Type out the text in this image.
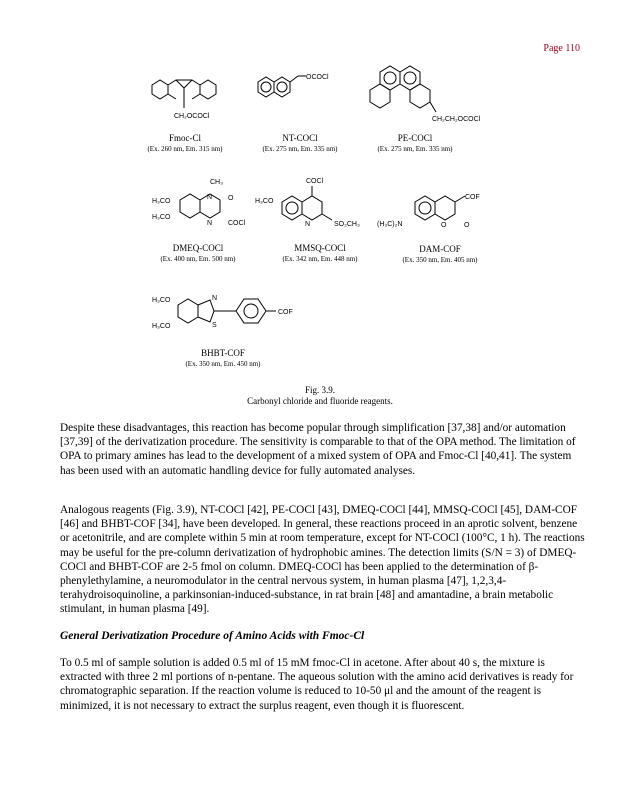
Page 110
CH₂OCOCl
OCOCl
CH₂CH₂OCOCl
CH₃
H₃CO
H₃CO
N
N
O
COCl
COCl
H₃CO
N	SO₂CH₃ (H₃C)₂N
COF
O	O
H₃CO
H₃CO
N
S
COF
Fmoc-Cl
(Ex. 260 nm, Em. 315 nm)
NT-COCl
(Ex. 275 nm, Em. 335 nm)
PE-COCl
(Ex. 275 nm, Em. 335 nm)
DMEQ-COCl
(Ex. 400 nm, Em. 500 nm)
MMSQ-COCl
(Ex. 342 nm, Em. 448 nm)
DAM-COF
(Ex. 350 nm, Em. 405 nm)
BHBT-COF
(Ex. 350 nm, Em. 450 nm)
Fig. 3.9.
Carbonyl chloride and fluoride reagents.

Despite these disadvantages, this reaction has become popular through simplification [37,38] and/or automation [37,39] of the derivatization procedure. The sensitivity is comparable to that of the OPA method. The limitation of OPA to primary amines has lead to the development of a mixed system of OPA and Fmoc-Cl [40,41]. The system has been used with an automatic handling device for fully automated analyses.

Analogous reagents (Fig. 3.9), NT-COCl [42], PE-COCl [43], DMEQ-COCl [44], MMSQ-COCl [45], DAM-COF [46] and BHBT-COF [34], have been developed. In general, these reactions proceed in an aprotic solvent, benzene or acetonitrile, and are complete within 5 min at room temperature, except for NT-COCl (100°C, 1 h). The reactions may be useful for the pre-column derivatization of hydrophobic amines. The detection limits (S/N = 3) of DMEQ-COCl and BHBT-COF are 2-5 fmol on column. DMEQ-COCl has been applied to the determination of β-phenylethylamine, a neuromodulator in the central nervous system, in human plasma [47], 1,2,3,4-terahydroisoquinoline, a parkinsonian-induced-substance, in rat brain [48] and amantadine, a brain metabolic stimulant, in human plasma [49].

General Derivatization Procedure of Amino Acids with Fmoc-Cl

To 0.5 ml of sample solution is added 0.5 ml of 15 mM fmoc-Cl in acetone. After about 40 s, the mixture is extracted with three 2 ml portions of n-pentane. The aqueous solution with the amino acid derivatives is ready for chromatographic separation. If the reaction volume is reduced to 10-50 μl and the amount of the reagent is minimized, it is not necessary to extract the surplus reagent, even though it is fluorescent.
